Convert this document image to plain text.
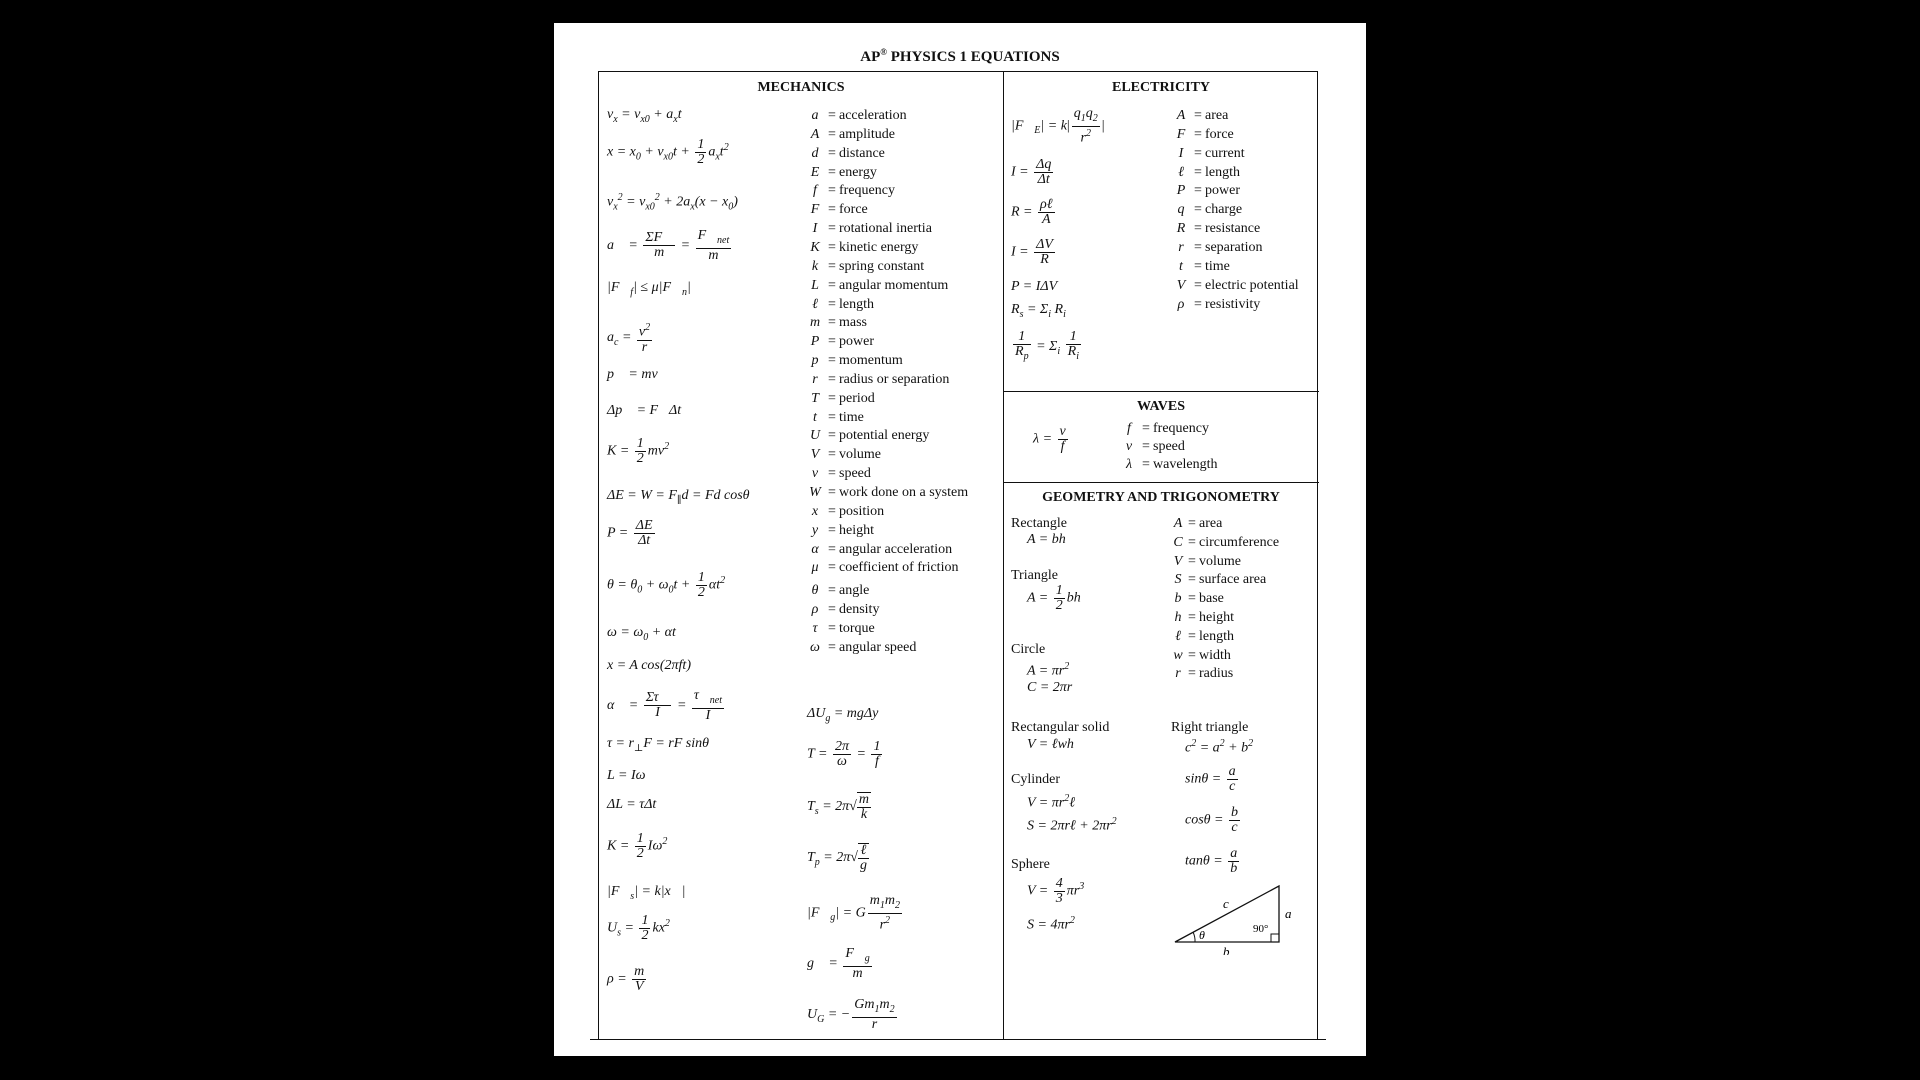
AP® PHYSICS 1 EQUATIONS
MECHANICS
$v_x = v_{x0} + a_xt$
$x = x_0 + v_{x0}t + \frac{1}{2} a_xt^2$
$v_x^2 = v_{x0}^2 + 2a_x(x - x_0)$
a⃗ = $\frac{\Sigma F⃗}{m} = \frac{F⃗_{net}}{m}$
$|F⃗_f|$ ≤ $\mu|F⃗_n|$
$a_c = \frac{v^2}{r}$
p⃗ = mv⃗
Δp⃗ = F⃗Δt
$K = \frac{1}{2} mv^2$
$\Delta E = W = F_\parallel d = Fd$ cosθ
$P = \frac{\Delta E}{\Delta t}$
$\theta = \theta_0 + \omega_0t + \frac{1}{2} \alpha t^2$
$\omega = \omega_0 + \alpha t$
x = A cos(2πft)
α⃗ = $\frac{\Sigma\tau⃗}{I} = \frac{\tau⃗_{net}}{I}$
$\tau = r_\perp F$ = rF sinθ
L = Iω
ΔL = τΔt
$K = \frac{1}{2} I\omega^2$
$|F⃗_s|$ = k|x⃗|
$U_s = \frac{1}{2} kx^2$
$\rho = \frac{m}{V}$
$\Delta U_g = mg\Delta y$
$T = \frac{2\pi}{\omega} = \frac{1}{f}$
$T_s = 2\pi√ \frac{m}{k}$
$T_p = 2\pi√ \frac{\text{ℓ}}{g}$
$|F⃗_g| = G \frac{m_1m_2}{r^2}$
g⃗ = $\frac{F⃗_g}{m}$
$U_G$ = − $\frac{Gm_1m_2}{r}$
a = acceleration
A = amplitude
d = distance
E = energy
f = frequency
F = force
I = rotational inertia
K = kinetic energy
k = spring constant
L = angular momentum
ℓ = length
m = mass
P = power
p = momentum
r = radius or separation
T = period
t = time
U = potential energy
V = volume
v = speed
W = work done on a system
x = position
y = height
α = angular acceleration
μ = coefficient of friction
θ = angle
ρ = density
τ = torque
ω = angular speed
ELECTRICITY
$|F⃗_E| = k| \frac{q_1q_2}{r^2}$ |
$I = \frac{\Delta q}{\Delta t}$
$R = \frac{\text{ρℓ}}{A}$
$I = \frac{\Delta V}{R}$
P = IΔV
$R_s = \Sigma_i$ $R_i$
$\frac{1}{R_p} = \Sigma_i \frac{1}{R_i}$
A = area
F = force
I = current
ℓ = length
P = power
q = charge
R = resistance
r = separation
t = time
V = electric potential
ρ = resistivity
WAVES
$\lambda = \frac{v}{f}$	f = frequency
v = speed
λ = wavelength
GEOMETRY AND TRIGONOMETRY
Rectangle
A = bh
Triangle
$A = \frac{1}{2}$ bh
Circle
$A = \pi r^2$
C = 2πr
Rectangular solid
V = ℓwh
Cylinder
$V = \pi r^2\ell$
S = 2πrℓ + $2\pi r^2$
Sphere
$V = \frac{4}{3} \pi r^3$
$S = 4\pi r^2$
A = area
C = circumference
V = volume
S = surface area
b = base
h = height
ℓ = length
w = width
r = radius
Right triangle
$c^2 = a^2 + b^2$
$\sin\theta = \frac{a}{c}$
$\cos\theta = \frac{b}{c}$
$\tan\theta = \frac{a}{b}$
c
a
b
θ	90°
